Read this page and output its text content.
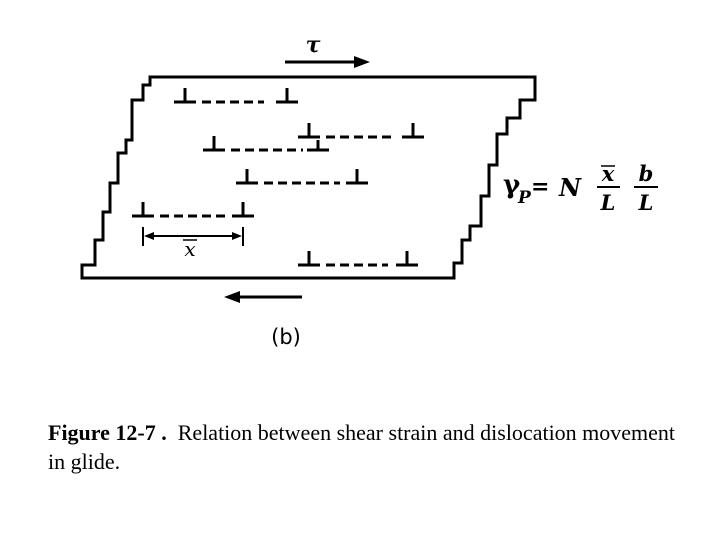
τ
x
γ
P = N x
L
b
L
(b)
Figure 12-7 . Relation between shear strain and dislocation movement in glide.
